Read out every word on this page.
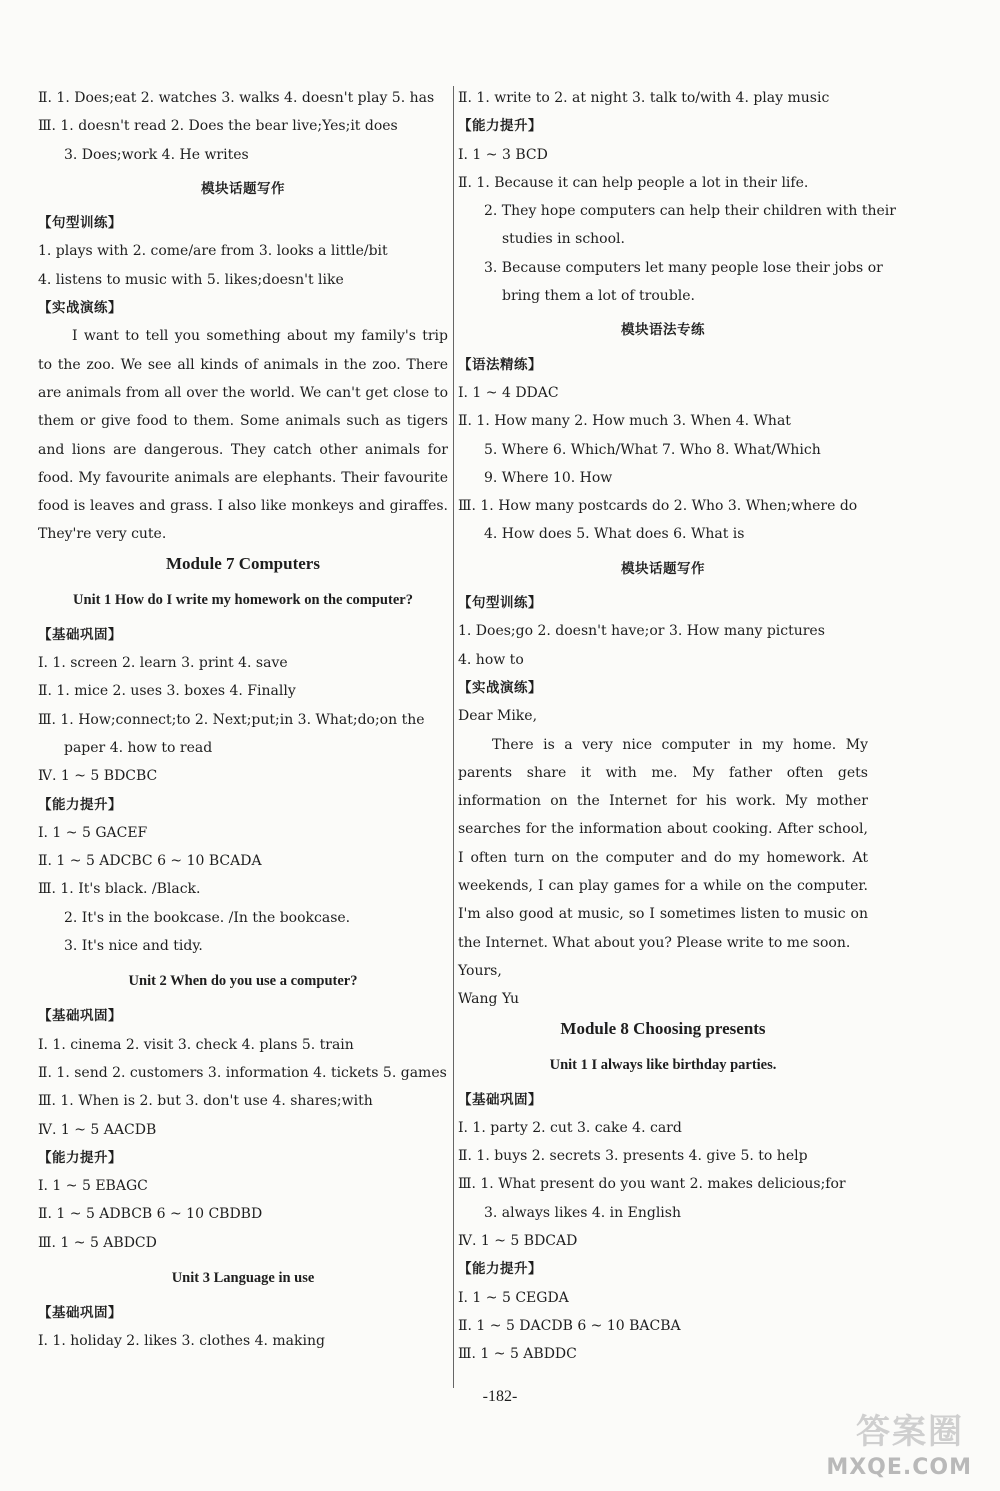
Ⅱ. 1. Does;eat 2. watches 3. walks 4. doesn't play 5. has
Ⅲ. 1. doesn't read 2. Does the bear live;Yes;it does
3. Does;work 4. He writes
模块话题写作
【句型训练】
1. plays with 2. come/are from 3. looks a little/bit
4. listens to music with 5. likes;doesn't like
【实战演练】
I want to tell you something about my family's trip to the zoo. We see all kinds of animals in the zoo. There are animals from all over the world. We can't get close to them or give food to them. Some animals such as tigers and lions are dangerous. They catch other animals for food. My favourite animals are elephants. Their favourite food is leaves and grass. I also like monkeys and giraffes. They're very cute.
Module 7 Computers
Unit 1 How do I write my homework on the computer?
【基础巩固】
Ⅰ. 1. screen 2. learn 3. print 4. save
Ⅱ. 1. mice 2. uses 3. boxes 4. Finally
Ⅲ. 1. How;connect;to 2. Next;put;in 3. What;do;on the
paper 4. how to read
Ⅳ. 1 ~ 5 BDCBC
【能力提升】
Ⅰ. 1 ~ 5 GACEF
Ⅱ. 1 ~ 5 ADCBC 6 ~ 10 BCADA
Ⅲ. 1. It's black. /Black.
2. It's in the bookcase. /In the bookcase.
3. It's nice and tidy.
Unit 2 When do you use a computer?
【基础巩固】
Ⅰ. 1. cinema 2. visit 3. check 4. plans 5. train
Ⅱ. 1. send 2. customers 3. information 4. tickets 5. games
Ⅲ. 1. When is 2. but 3. don't use 4. shares;with
Ⅳ. 1 ~ 5 AACDB
【能力提升】
Ⅰ. 1 ~ 5 EBAGC
Ⅱ. 1 ~ 5 ADBCB 6 ~ 10 CBDBD
Ⅲ. 1 ~ 5 ABDCD
Unit 3 Language in use
【基础巩固】
Ⅰ. 1. holiday 2. likes 3. clothes 4. making
Ⅱ. 1. write to 2. at night 3. talk to/with 4. play music
【能力提升】
Ⅰ. 1 ~ 3 BCD
Ⅱ. 1. Because it can help people a lot in their life.
2. They hope computers can help their children with their
studies in school.
3. Because computers let many people lose their jobs or
bring them a lot of trouble.
模块语法专练
【语法精练】
Ⅰ. 1 ~ 4 DDAC
Ⅱ. 1. How many 2. How much 3. When 4. What
5. Where 6. Which/What 7. Who 8. What/Which
9. Where 10. How
Ⅲ. 1. How many postcards do 2. Who 3. When;where do
4. How does 5. What does 6. What is
模块话题写作
【句型训练】
1. Does;go 2. doesn't have;or 3. How many pictures
4. how to
【实战演练】
Dear Mike,
There is a very nice computer in my home. My parents share it with me. My father often gets information on the Internet for his work. My mother searches for the information about cooking. After school, I often turn on the computer and do my homework. At weekends, I can play games for a while on the computer. I'm also good at music, so I sometimes listen to music on the Internet. What about you? Please write to me soon.
Yours,
Wang Yu
Module 8 Choosing presents
Unit 1 I always like birthday parties.
【基础巩固】
Ⅰ. 1. party 2. cut 3. cake 4. card
Ⅱ. 1. buys 2. secrets 3. presents 4. give 5. to help
Ⅲ. 1. What present do you want 2. makes delicious;for
3. always likes 4. in English
Ⅳ. 1 ~ 5 BDCAD
【能力提升】
Ⅰ. 1 ~ 5 CEGDA
Ⅱ. 1 ~ 5 DACDB 6 ~ 10 BACBA
Ⅲ. 1 ~ 5 ABDDC
-182-
答案圈
MXQE.COM
